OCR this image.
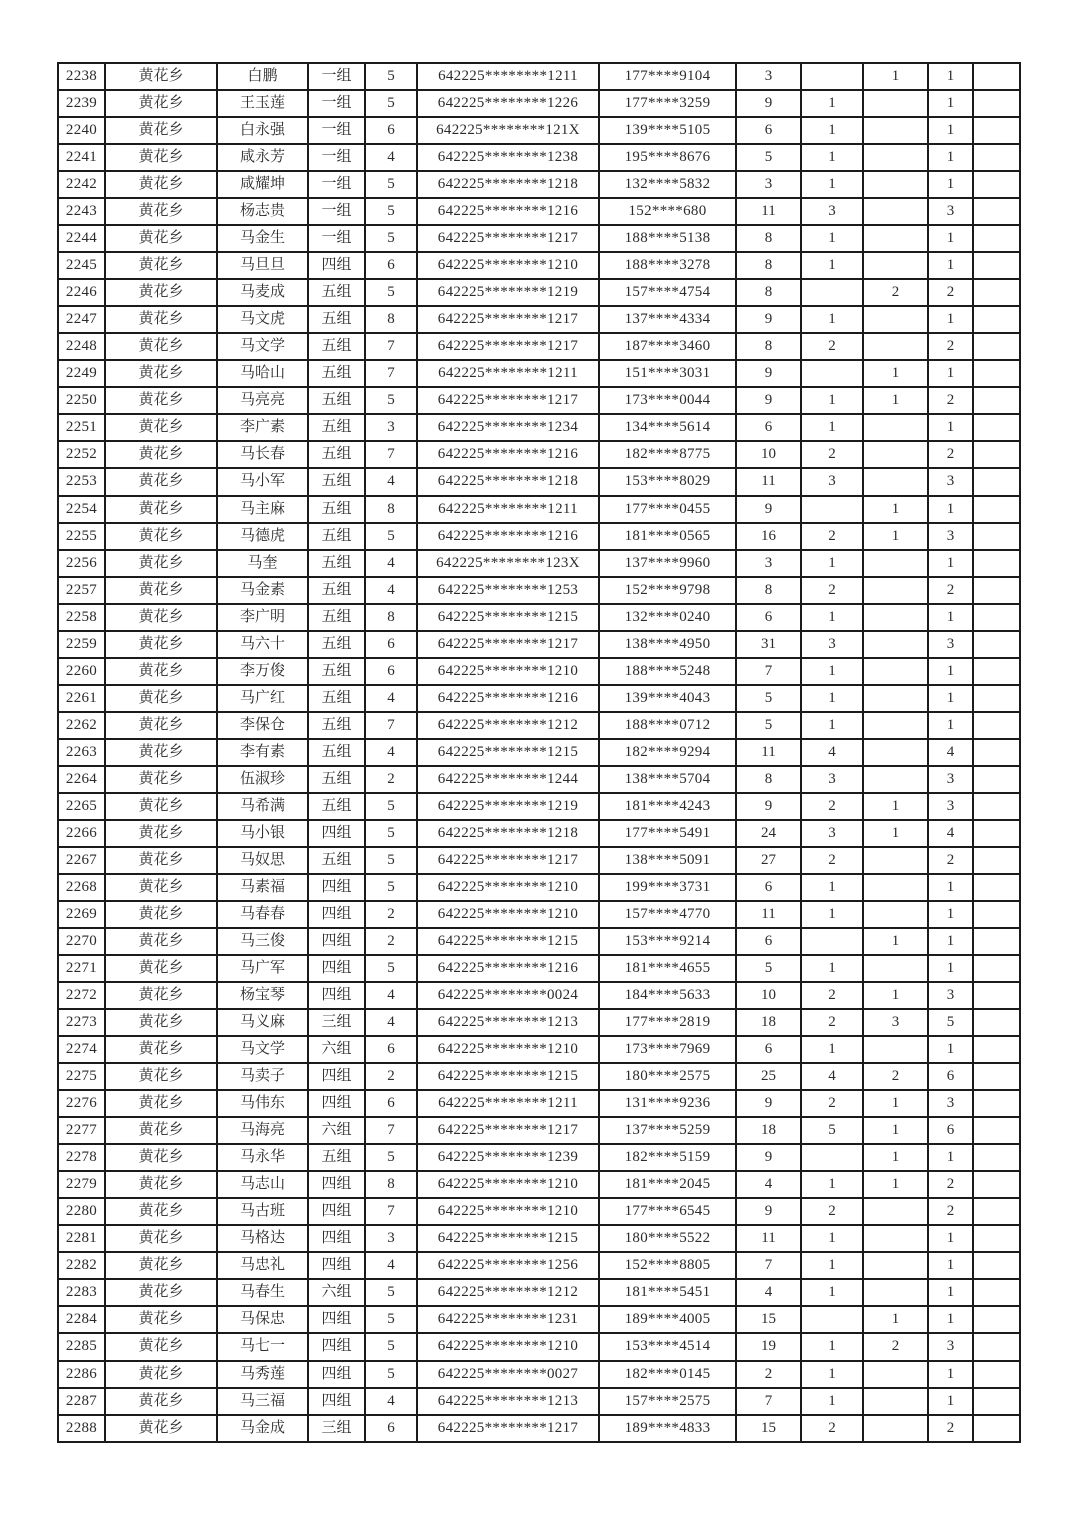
2238	黄花乡	白鹏	一组	5	642225********1211	177****9104	3		1	1	
2239	黄花乡	王玉莲	一组	5	642225********1226	177****3259	9	1		1	
2240	黄花乡	白永强	一组	6	642225********121X	139****5105	6	1		1	
2241	黄花乡	咸永芳	一组	4	642225********1238	195****8676	5	1		1	
2242	黄花乡	咸耀坤	一组	5	642225********1218	132****5832	3	1		1	
2243	黄花乡	杨志贵	一组	5	642225********1216	152****680	11	3		3	
2244	黄花乡	马金生	一组	5	642225********1217	188****5138	8	1		1	
2245	黄花乡	马旦旦	四组	6	642225********1210	188****3278	8	1		1	
2246	黄花乡	马麦成	五组	5	642225********1219	157****4754	8		2	2	
2247	黄花乡	马文虎	五组	8	642225********1217	137****4334	9	1		1	
2248	黄花乡	马文学	五组	7	642225********1217	187****3460	8	2		2	
2249	黄花乡	马哈山	五组	7	642225********1211	151****3031	9		1	1	
2250	黄花乡	马亮亮	五组	5	642225********1217	173****0044	9	1	1	2	
2251	黄花乡	李广素	五组	3	642225********1234	134****5614	6	1		1	
2252	黄花乡	马长春	五组	7	642225********1216	182****8775	10	2		2	
2253	黄花乡	马小军	五组	4	642225********1218	153****8029	11	3		3	
2254	黄花乡	马主麻	五组	8	642225********1211	177****0455	9		1	1	
2255	黄花乡	马德虎	五组	5	642225********1216	181****0565	16	2	1	3	
2256	黄花乡	马奎	五组	4	642225********123X	137****9960	3	1		1	
2257	黄花乡	马金素	五组	4	642225********1253	152****9798	8	2		2	
2258	黄花乡	李广明	五组	8	642225********1215	132****0240	6	1		1	
2259	黄花乡	马六十	五组	6	642225********1217	138****4950	31	3		3	
2260	黄花乡	李万俊	五组	6	642225********1210	188****5248	7	1		1	
2261	黄花乡	马广红	五组	4	642225********1216	139****4043	5	1		1	
2262	黄花乡	李保仓	五组	7	642225********1212	188****0712	5	1		1	
2263	黄花乡	李有素	五组	4	642225********1215	182****9294	11	4		4	
2264	黄花乡	伍淑珍	五组	2	642225********1244	138****5704	8	3		3	
2265	黄花乡	马希满	五组	5	642225********1219	181****4243	9	2	1	3	
2266	黄花乡	马小银	四组	5	642225********1218	177****5491	24	3	1	4	
2267	黄花乡	马奴思	五组	5	642225********1217	138****5091	27	2		2	
2268	黄花乡	马素福	四组	5	642225********1210	199****3731	6	1		1	
2269	黄花乡	马春春	四组	2	642225********1210	157****4770	11	1		1	
2270	黄花乡	马三俊	四组	2	642225********1215	153****9214	6		1	1	
2271	黄花乡	马广军	四组	5	642225********1216	181****4655	5	1		1	
2272	黄花乡	杨宝琴	四组	4	642225********0024	184****5633	10	2	1	3	
2273	黄花乡	马义麻	三组	4	642225********1213	177****2819	18	2	3	5	
2274	黄花乡	马文学	六组	6	642225********1210	173****7969	6	1		1	
2275	黄花乡	马卖子	四组	2	642225********1215	180****2575	25	4	2	6	
2276	黄花乡	马伟东	四组	6	642225********1211	131****9236	9	2	1	3	
2277	黄花乡	马海亮	六组	7	642225********1217	137****5259	18	5	1	6	
2278	黄花乡	马永华	五组	5	642225********1239	182****5159	9		1	1	
2279	黄花乡	马志山	四组	8	642225********1210	181****2045	4	1	1	2	
2280	黄花乡	马古班	四组	7	642225********1210	177****6545	9	2		2	
2281	黄花乡	马格达	四组	3	642225********1215	180****5522	11	1		1	
2282	黄花乡	马忠礼	四组	4	642225********1256	152****8805	7	1		1	
2283	黄花乡	马春生	六组	5	642225********1212	181****5451	4	1		1	
2284	黄花乡	马保忠	四组	5	642225********1231	189****4005	15		1	1	
2285	黄花乡	马七一	四组	5	642225********1210	153****4514	19	1	2	3	
2286	黄花乡	马秀莲	四组	5	642225********0027	182****0145	2	1		1	
2287	黄花乡	马三福	四组	4	642225********1213	157****2575	7	1		1	
2288	黄花乡	马金成	三组	6	642225********1217	189****4833	15	2		2	
